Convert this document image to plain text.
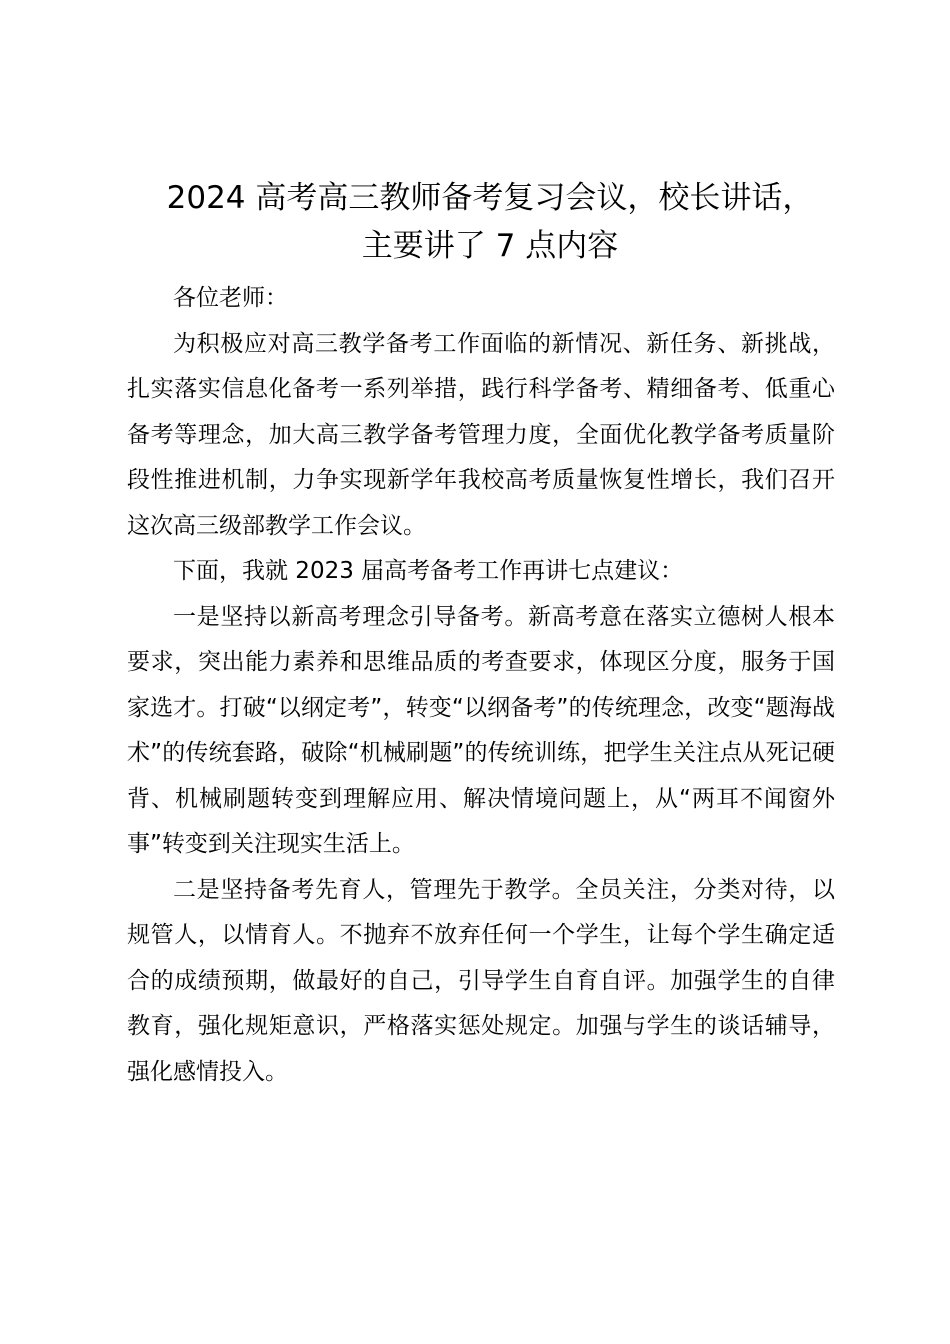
2024 高考高三教师备考复习会议，校长讲话，
主要讲了 7 点内容

各位老师：

为积极应对高三教学备考工作面临的新情况、新任务、新挑战，扎实落实信息化备考一系列举措，践行科学备考、精细备考、低重心备考等理念，加大高三教学备考管理力度，全面优化教学备考质量阶段性推进机制，力争实现新学年我校高考质量恢复性增长，我们召开这次高三级部教学工作会议。

下面，我就 2023 届高考备考工作再讲七点建议：

一是坚持以新高考理念引导备考。新高考意在落实立德树人根本要求，突出能力素养和思维品质的考查要求，体现区分度，服务于国家选才。打破“以纲定考”，转变“以纲备考”的传统理念，改变“题海战术”的传统套路，破除“机械刷题”的传统训练，把学生关注点从死记硬背、机械刷题转变到理解应用、解决情境问题上，从“两耳不闻窗外事”转变到关注现实生活上。

二是坚持备考先育人，管理先于教学。全员关注，分类对待，以规管人，以情育人。不抛弃不放弃任何一个学生，让每个学生确定适合的成绩预期，做最好的自己，引导学生自育自评。加强学生的自律教育，强化规矩意识，严格落实惩处规定。加强与学生的谈话辅导，强化感情投入。
